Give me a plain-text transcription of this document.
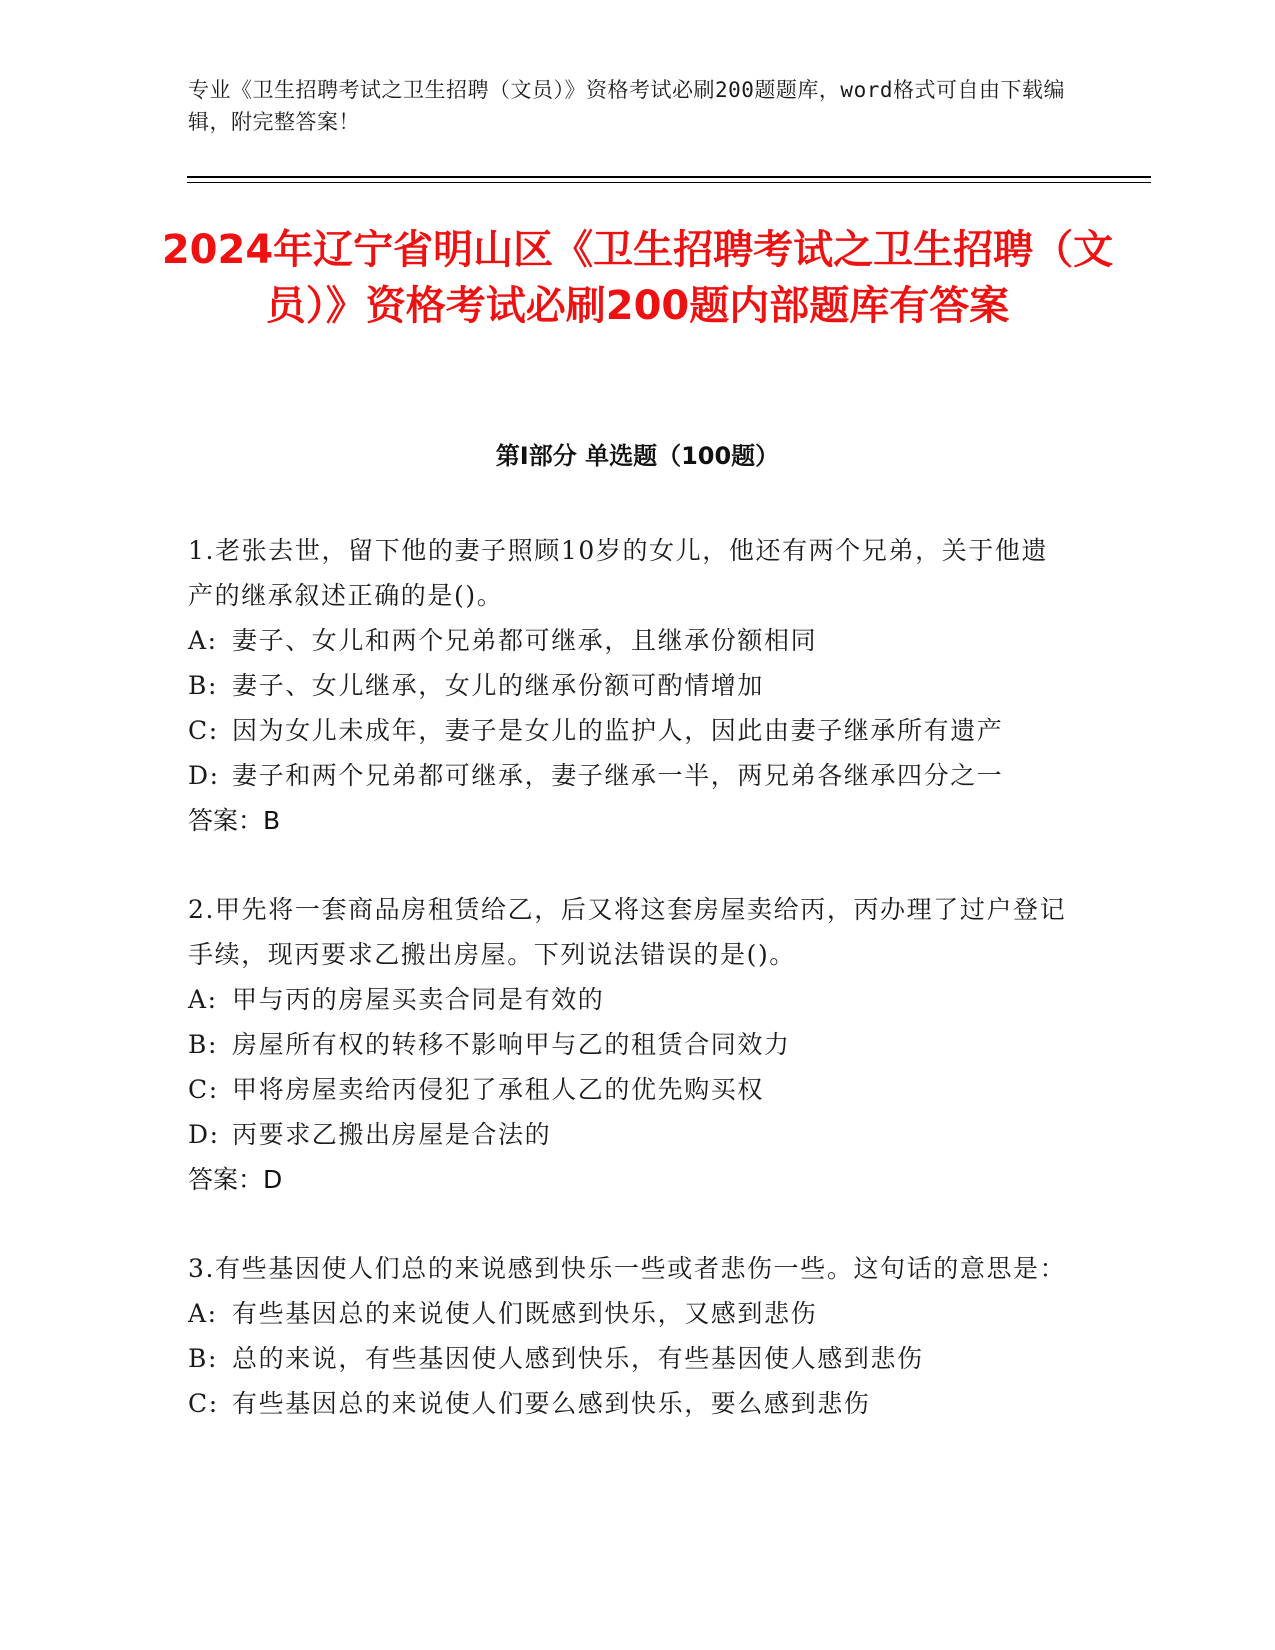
专业《卫生招聘考试之卫生招聘（文员）》资格考试必刷200题题库，word格式可自由下载编辑，附完整答案！
2024年辽宁省明山区《卫生招聘考试之卫生招聘（文员）》资格考试必刷200题内部题库有答案
第Ⅰ部分 单选题（100题）

1.老张去世，留下他的妻子照顾10岁的女儿，他还有两个兄弟，关于他遗产的继承叙述正确的是()。

A: 妻子、女儿和两个兄弟都可继承，且继承份额相同

B: 妻子、女儿继承，女儿的继承份额可酌情增加

C: 因为女儿未成年，妻子是女儿的监护人，因此由妻子继承所有遗产

D: 妻子和两个兄弟都可继承，妻子继承一半，两兄弟各继承四分之一

答案：B

2.甲先将一套商品房租赁给乙，后又将这套房屋卖给丙，丙办理了过户登记手续，现丙要求乙搬出房屋。下列说法错误的是()。

A: 甲与丙的房屋买卖合同是有效的

B: 房屋所有权的转移不影响甲与乙的租赁合同效力

C: 甲将房屋卖给丙侵犯了承租人乙的优先购买权

D: 丙要求乙搬出房屋是合法的

答案：D

3.有些基因使人们总的来说感到快乐一些或者悲伤一些。这句话的意思是：

A: 有些基因总的来说使人们既感到快乐，又感到悲伤

B: 总的来说，有些基因使人感到快乐，有些基因使人感到悲伤

C: 有些基因总的来说使人们要么感到快乐，要么感到悲伤
